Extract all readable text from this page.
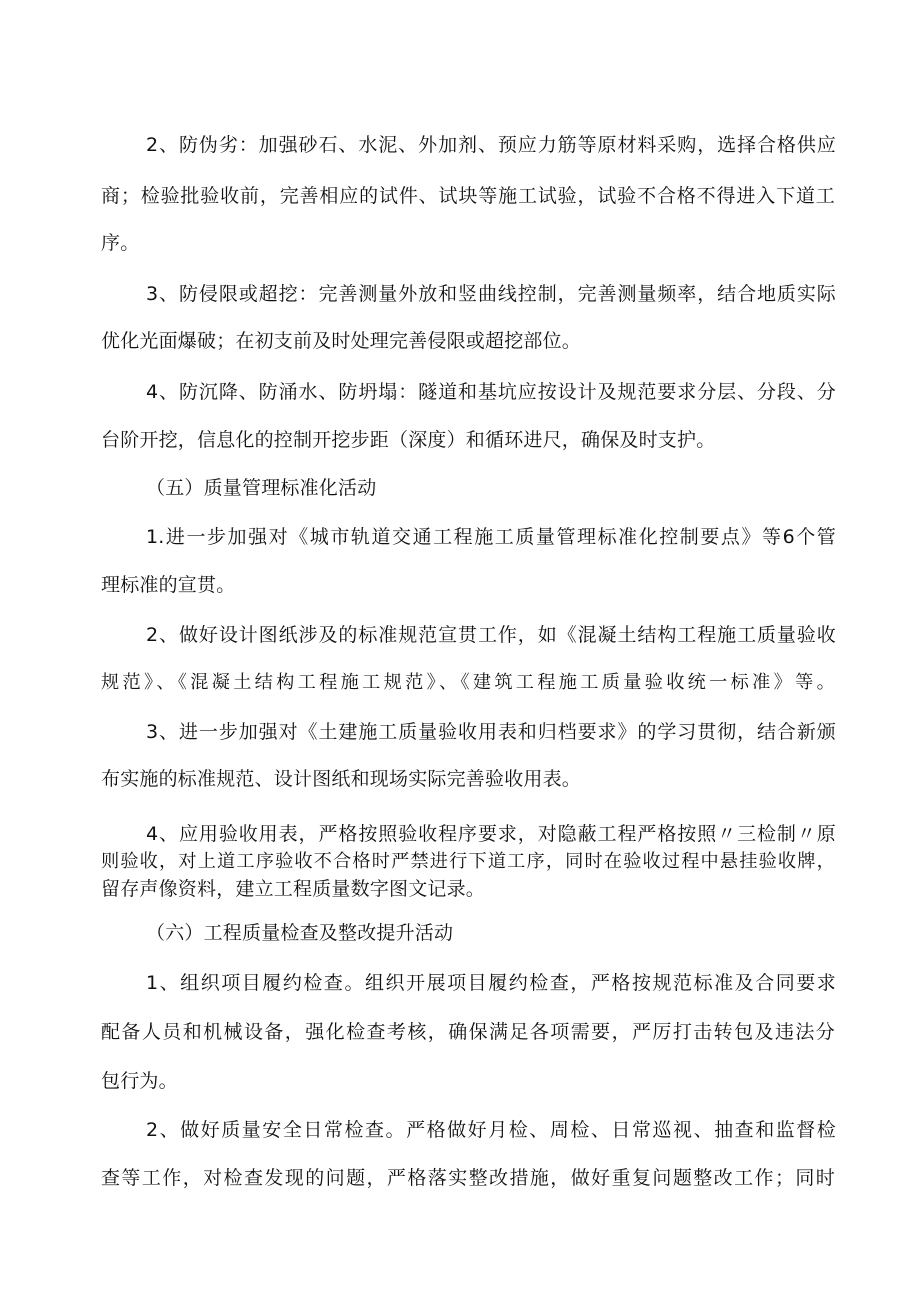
2、防伪劣：加强砂石、水泥、外加剂、预应力筋等原材料采购，选择合格供应
商；检验批验收前，完善相应的试件、试块等施工试验，试验不合格不得进入下道工
序。
3、防侵限或超挖：完善测量外放和竖曲线控制，完善测量频率，结合地质实际
优化光面爆破；在初支前及时处理完善侵限或超挖部位。
4、防沉降、防涌水、防坍塌：隧道和基坑应按设计及规范要求分层、分段、分
台阶开挖，信息化的控制开挖步距（深度）和循环进尺，确保及时支护。
（五）质量管理标准化活动
1.进一步加强对《城市轨道交通工程施工质量管理标准化控制要点》等6个管
理标准的宣贯。
2、做好设计图纸涉及的标准规范宣贯工作，如《混凝土结构工程施工质量验收
规范》、《混凝土结构工程施工规范》、《建筑工程施工质量验收统一标准》等。
3、进一步加强对《土建施工质量验收用表和归档要求》的学习贯彻，结合新颁
布实施的标准规范、设计图纸和现场实际完善验收用表。
4、应用验收用表，严格按照验收程序要求，对隐蔽工程严格按照〃三检制〃原
则验收，对上道工序验收不合格时严禁进行下道工序，同时在验收过程中悬挂验收牌，
留存声像资料，建立工程质量数字图文记录。
（六）工程质量检查及整改提升活动
1、组织项目履约检查。组织开展项目履约检查，严格按规范标准及合同要求
配备人员和机械设备，强化检查考核，确保满足各项需要，严厉打击转包及违法分
包行为。
2、做好质量安全日常检查。严格做好月检、周检、日常巡视、抽查和监督检
查等工作，对检查发现的问题，严格落实整改措施，做好重复问题整改工作；同时
